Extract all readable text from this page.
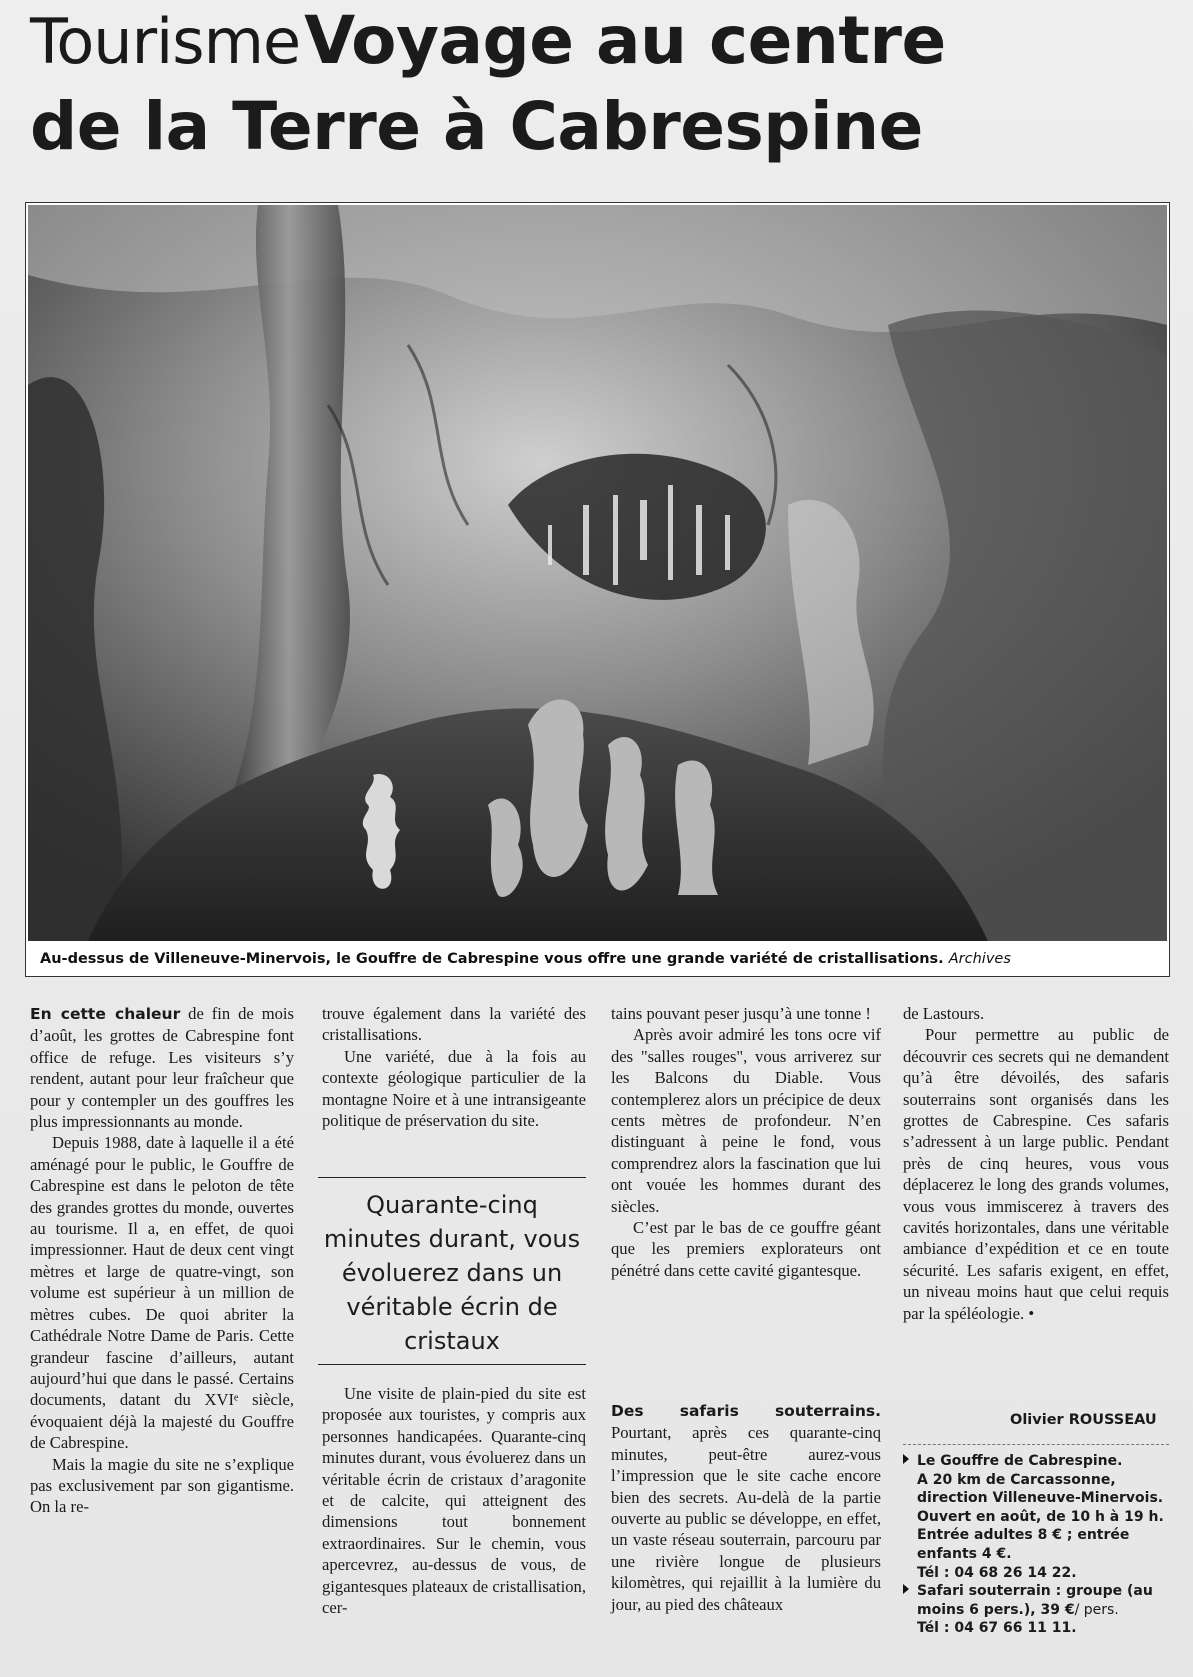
Tourisme Voyage au centre
de la Terre à Cabrespine
Au-dessus de Villeneuve-Minervois, le Gouffre de Cabrespine vous offre une grande variété de cristallisations. Archives

En cette chaleur de fin de mois d’août, les grottes de Cabrespine font office de refuge. Les visiteurs s’y rendent, autant pour leur fraîcheur que pour y contempler un des gouffres les plus impressionnants au monde.

Depuis 1988, date à laquelle il a été aménagé pour le public, le Gouffre de Cabrespine est dans le peloton de tête des grandes grottes du monde, ouvertes au tourisme. Il a, en effet, de quoi impressionner. Haut de deux cent vingt mètres et large de quatre-vingt, son volume est supérieur à un million de mètres cubes. De quoi abriter la Cathédrale Notre Dame de Paris. Cette grandeur fascine d’ailleurs, autant aujourd’hui que dans le passé. Certains documents, datant du XVIᵉ siècle, évoquaient déjà la majesté du Gouffre de Cabrespine.

Mais la magie du site ne s’explique pas exclusivement par son gigantisme. On la re-

trouve également dans la variété des cristallisations.

Une variété, due à la fois au contexte géologique particulier de la montagne Noire et à une intransigeante politique de préservation du site.

Quarante-cinq minutes durant, vous évoluerez dans un véritable écrin de cristaux

Une visite de plain-pied du site est proposée aux touristes, y compris aux personnes handicapées. Quarante-cinq minutes durant, vous évoluerez dans un véritable écrin de cristaux d’aragonite et de calcite, qui atteignent des dimensions tout bonnement extraordinaires. Sur le chemin, vous apercevrez, au-dessus de vous, de gigantesques plateaux de cristallisation, cer-

tains pouvant peser jusqu’à une tonne !

Après avoir admiré les tons ocre vif des "salles rouges", vous arriverez sur les Balcons du Diable. Vous contemplerez alors un précipice de deux cents mètres de profondeur. N’en distinguant à peine le fond, vous comprendrez alors la fascination que lui ont vouée les hommes durant des siècles.

C’est par le bas de ce gouffre géant que les premiers explorateurs ont pénétré dans cette cavité gigantesque.

Des safaris souterrains. Pourtant, après ces quarante-cinq minutes, peut-être aurez-vous l’impression que le site cache encore bien des secrets. Au-delà de la partie ouverte au public se développe, en effet, un vaste réseau souterrain, parcouru par une rivière longue de plusieurs kilomètres, qui rejaillit à la lumière du jour, au pied des châteaux

de Lastours.

Pour permettre au public de découvrir ces secrets qui ne demandent qu’à être dévoilés, des safaris souterrains sont organisés dans les grottes de Cabrespine. Ces safaris s’adressent à un large public. Pendant près de cinq heures, vous vous déplacerez le long des grands volumes, vous vous immiscerez à travers des cavités horizontales, dans une véritable ambiance d’expédition et ce en toute sécurité. Les safaris exigent, en effet, un niveau moins haut que celui requis par la spéléologie. •

Olivier ROUSSEAU
Le Gouffre de Cabrespine.
A 20 km de Carcassonne,
direction Villeneuve-Minervois.
Ouvert en août, de 10 h à 19 h.
Entrée adultes 8 € ; entrée
enfants 4 €.
Tél : 04 68 26 14 22.
Safari souterrain : groupe (au
moins 6 pers.), 39 €/ pers.
Tél : 04 67 66 11 11.
